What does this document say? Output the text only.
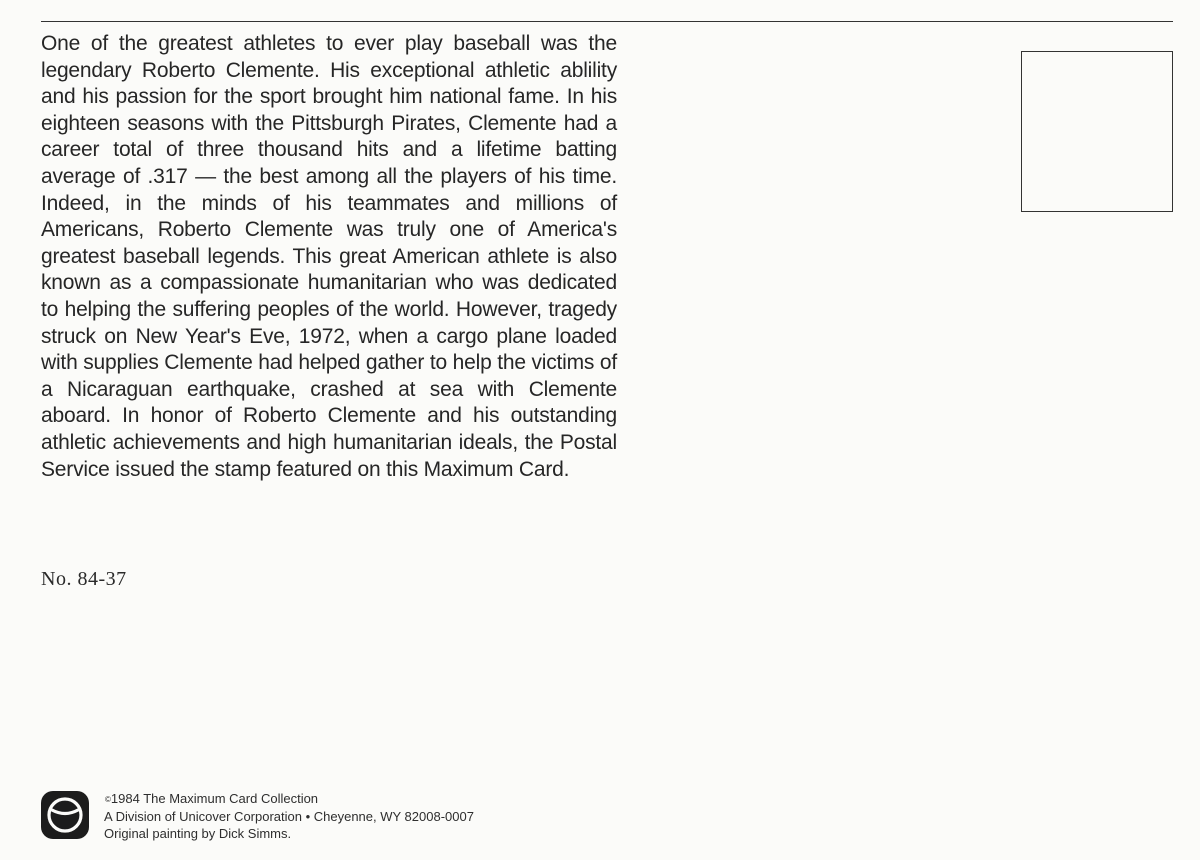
One of the greatest athletes to ever play baseball was the legendary Roberto Clemente. His exceptional athletic ablility and his passion for the sport brought him national fame. In his eighteen seasons with the Pittsburgh Pirates, Clemente had a career total of three thousand hits and a lifetime batting average of .317 — the best among all the players of his time. Indeed, in the minds of his teammates and millions of Americans, Roberto Clemente was truly one of America's greatest baseball legends. This great American athlete is also known as a compassionate humanitarian who was dedicated to helping the suffering peoples of the world. However, tragedy struck on New Year's Eve, 1972, when a cargo plane loaded with supplies Clemente had helped gather to help the victims of a Nicaraguan earthquake, crashed at sea with Clemente aboard. In honor of Roberto Clemente and his outstanding athletic achievements and high humanitarian ideals, the Postal Service issued the stamp featured on this Maximum Card.

No. 84-37

©1984 The Maximum Card Collection
A Division of Unicover Corporation • Cheyenne, WY 82008-0007
Original painting by Dick Simms.
